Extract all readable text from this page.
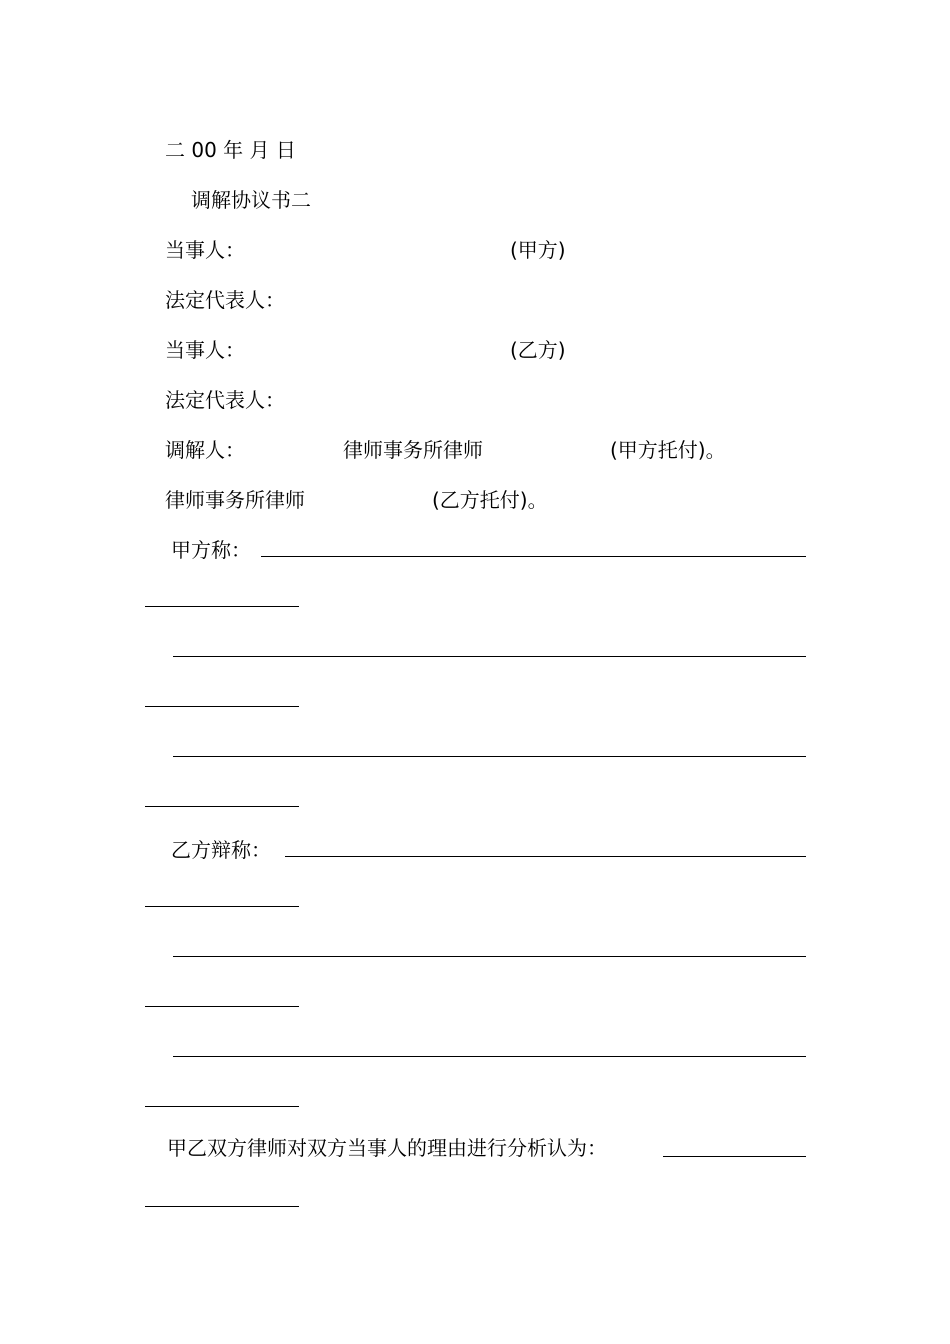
二 00 年 月 日
调解协议书二
当事人：	(甲方)
法定代表人：
当事人：	(乙方)
法定代表人：
调解人：	律师事务所律师	(甲方托付)。
律师事务所律师	(乙方托付)。
甲方称：
乙方辩称：
甲乙双方律师对双方当事人的理由进行分析认为：
